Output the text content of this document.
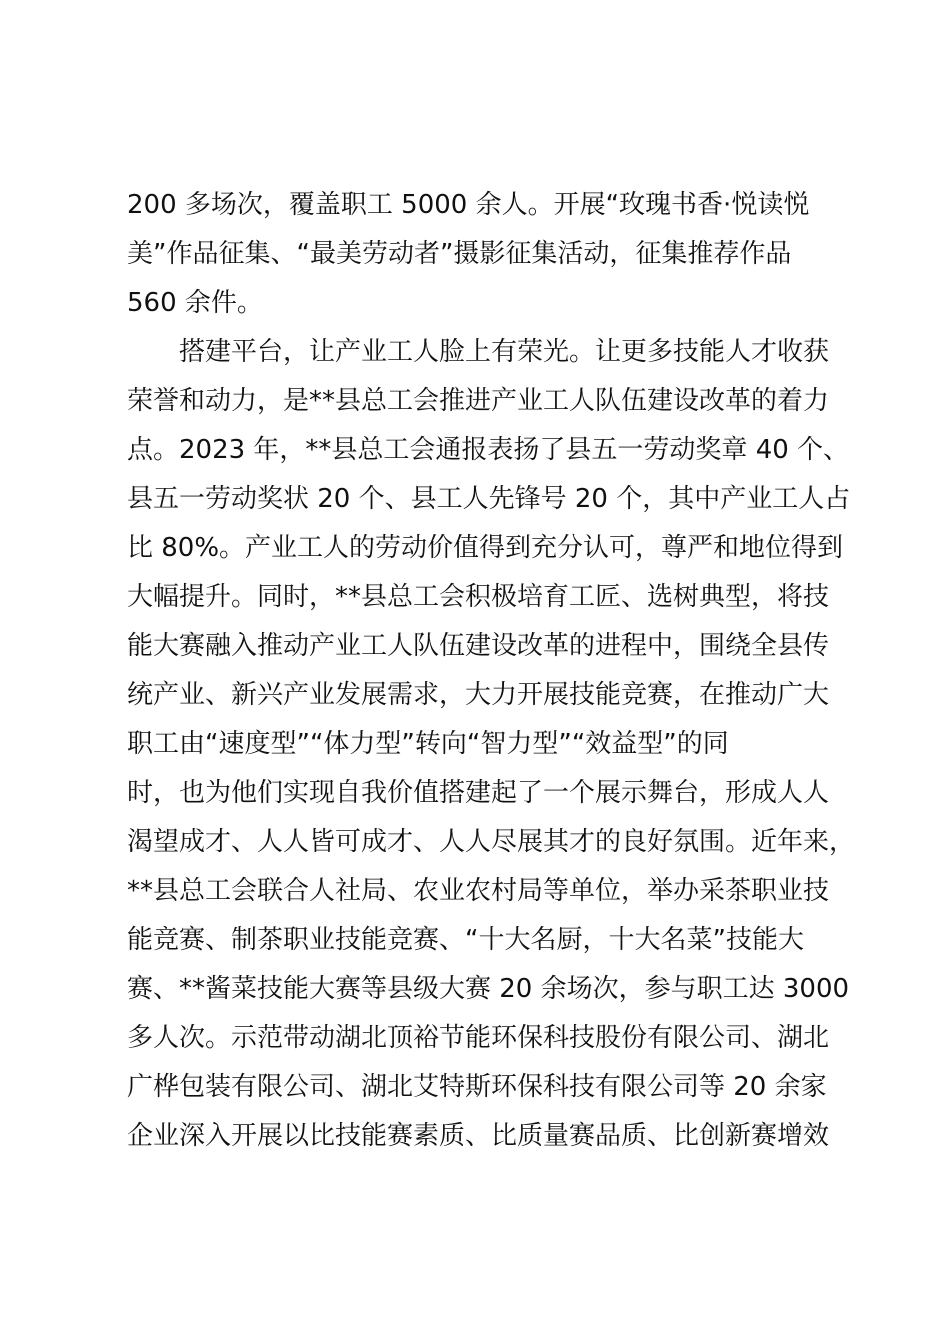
200 多场次，覆盖职工 5000 余人。开展“玫瑰书香·悦读悦
美”作品征集、“最美劳动者”摄影征集活动，征集推荐作品
560 余件。
搭建平台，让产业工人脸上有荣光。让更多技能人才收获
荣誉和动力，是**县总工会推进产业工人队伍建设改革的着力
点。2023 年，**县总工会通报表扬了县五一劳动奖章 40 个、
县五一劳动奖状 20 个、县工人先锋号 20 个，其中产业工人占
比 80%。产业工人的劳动价值得到充分认可，尊严和地位得到
大幅提升。同时，**县总工会积极培育工匠、选树典型，将技
能大赛融入推动产业工人队伍建设改革的进程中，围绕全县传
统产业、新兴产业发展需求，大力开展技能竞赛，在推动广大
职工由“速度型”“体力型”转向“智力型”“效益型”的同
时，也为他们实现自我价值搭建起了一个展示舞台，形成人人
渴望成才、人人皆可成才、人人尽展其才的良好氛围。近年来，
**县总工会联合人社局、农业农村局等单位，举办采茶职业技
能竞赛、制茶职业技能竞赛、“十大名厨，十大名菜”技能大
赛、**酱菜技能大赛等县级大赛 20 余场次，参与职工达 3000
多人次。示范带动湖北顶裕节能环保科技股份有限公司、湖北
广桦包装有限公司、湖北艾特斯环保科技有限公司等 20 余家
企业深入开展以比技能赛素质、比质量赛品质、比创新赛增效
